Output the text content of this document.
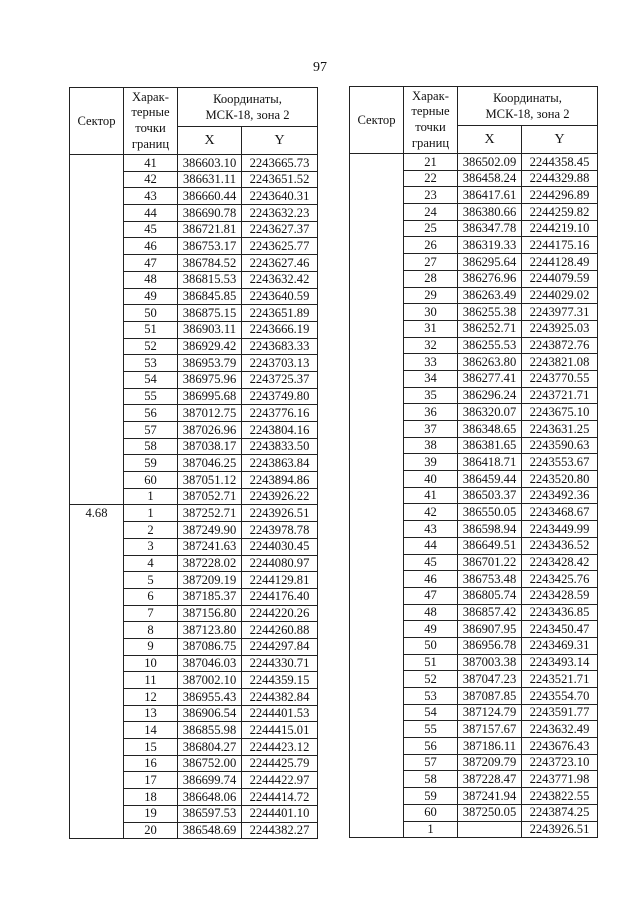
97
Сектор	Харак-
терные
точки
границ	Координаты,
МСК-18, зона 2	
		X	Y
	41	386603.10	2243665.73
	42	386631.11	2243651.52
	43	386660.44	2243640.31
	44	386690.78	2243632.23
	45	386721.81	2243627.37
	46	386753.17	2243625.77
	47	386784.52	2243627.46
	48	386815.53	2243632.42
	49	386845.85	2243640.59
	50	386875.15	2243651.89
	51	386903.11	2243666.19
	52	386929.42	2243683.33
	53	386953.79	2243703.13
	54	386975.96	2243725.37
	55	386995.68	2243749.80
	56	387012.75	2243776.16
	57	387026.96	2243804.16
	58	387038.17	2243833.50
	59	387046.25	2243863.84
	60	387051.12	2243894.86
	1	387052.71	2243926.22
4.68	1	387252.71	2243926.51
	2	387249.90	2243978.78
	3	387241.63	2244030.45
	4	387228.02	2244080.97
	5	387209.19	2244129.81
	6	387185.37	2244176.40
	7	387156.80	2244220.26
	8	387123.80	2244260.88
	9	387086.75	2244297.84
	10	387046.03	2244330.71
	11	387002.10	2244359.15
	12	386955.43	2244382.84
	13	386906.54	2244401.53
	14	386855.98	2244415.01
	15	386804.27	2244423.12
	16	386752.00	2244425.79
	17	386699.74	2244422.97
	18	386648.06	2244414.72
	19	386597.53	2244401.10
	20	386548.69	2244382.27
Сектор	Харак-
терные
точки
границ	Координаты,
МСК-18, зона 2	
		X	Y
	21	386502.09	2244358.45
	22	386458.24	2244329.88
	23	386417.61	2244296.89
	24	386380.66	2244259.82
	25	386347.78	2244219.10
	26	386319.33	2244175.16
	27	386295.64	2244128.49
	28	386276.96	2244079.59
	29	386263.49	2244029.02
	30	386255.38	2243977.31
	31	386252.71	2243925.03
	32	386255.53	2243872.76
	33	386263.80	2243821.08
	34	386277.41	2243770.55
	35	386296.24	2243721.71
	36	386320.07	2243675.10
	37	386348.65	2243631.25
	38	386381.65	2243590.63
	39	386418.71	2243553.67
	40	386459.44	2243520.80
	41	386503.37	2243492.36
	42	386550.05	2243468.67
	43	386598.94	2243449.99
	44	386649.51	2243436.52
	45	386701.22	2243428.42
	46	386753.48	2243425.76
	47	386805.74	2243428.59
	48	386857.42	2243436.85
	49	386907.95	2243450.47
	50	386956.78	2243469.31
	51	387003.38	2243493.14
	52	387047.23	2243521.71
	53	387087.85	2243554.70
	54	387124.79	2243591.77
	55	387157.67	2243632.49
	56	387186.11	2243676.43
	57	387209.79	2243723.10
	58	387228.47	2243771.98
	59	387241.94	2243822.55
	60	387250.05	2243874.25
	1		2243926.51
